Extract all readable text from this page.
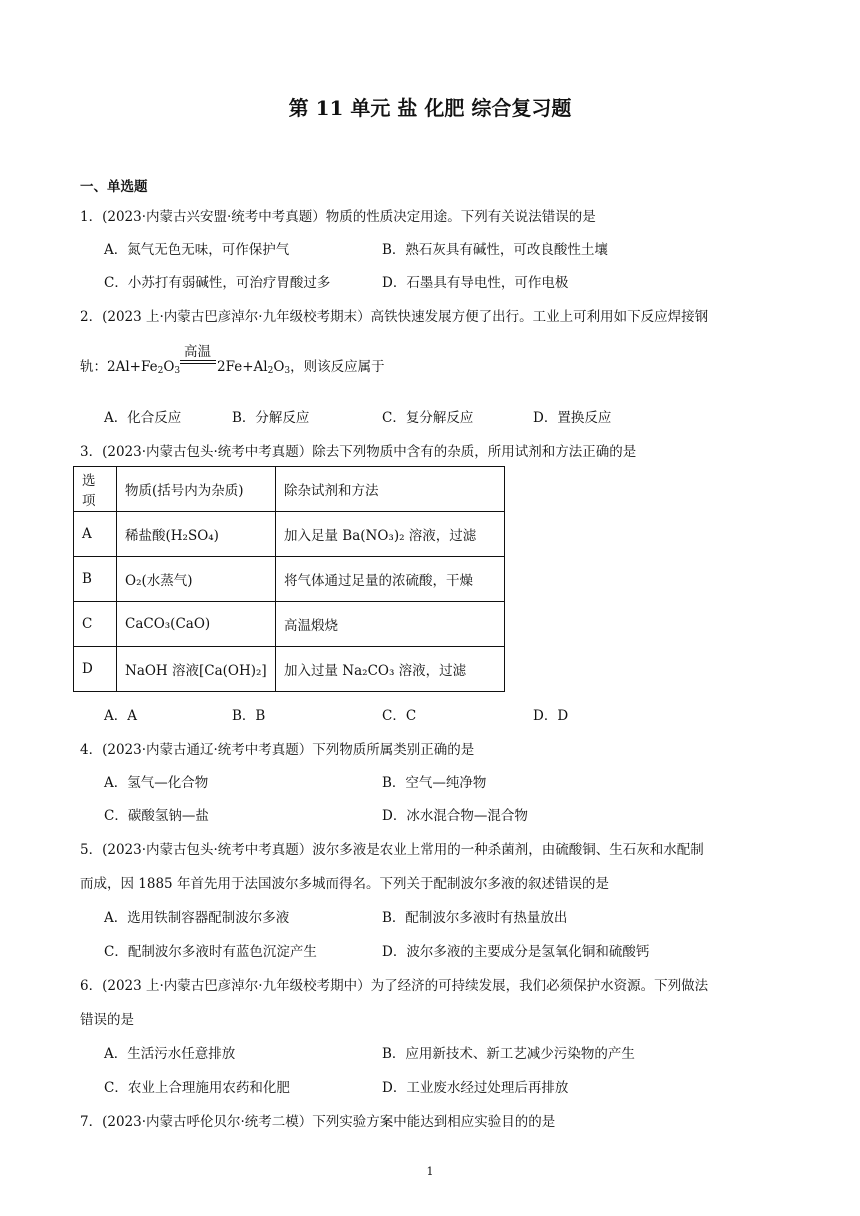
第 11 单元 盐 化肥 综合复习题
一、单选题
1．(2023·内蒙古兴安盟·统考中考真题）物质的性质决定用途。下列有关说法错误的是
A．氮气无色无味，可作保护气	B．熟石灰具有碱性，可改良酸性土壤
C．小苏打有弱碱性，可治疗胃酸过多	D．石墨具有导电性，可作电极
2．(2023 上·内蒙古巴彦淖尔·九年级校考期末）高铁快速发展方便了出行。工业上可利用如下反应焊接钢
轨：$2Al+Fe_2O_3$
高温
$2Fe+Al_2O_3$，则该反应属于
A．化合反应	B．分解反应	C．复分解反应	D．置换反应
3．(2023·内蒙古包头·统考中考真题）除去下列物质中含有的杂质，所用试剂和方法正确的是
选项	物质(括号内为杂质)	除杂试剂和方法
A	稀盐酸(H₂SO₄)	加入足量 Ba(NO₃)₂ 溶液，过滤
B	O₂(水蒸气)	将气体通过足量的浓硫酸，干燥
C	CaCO₃(CaO)	高温煅烧
D	NaOH 溶液[Ca(OH)₂]	加入过量 Na₂CO₃ 溶液，过滤
A．A	B．B	C．C	D．D
4．(2023·内蒙古通辽·统考中考真题）下列物质所属类别正确的是
A．氢气—化合物	B．空气—纯净物
C．碳酸氢钠—盐	D．冰水混合物—混合物
5．(2023·内蒙古包头·统考中考真题）波尔多液是农业上常用的一种杀菌剂，由硫酸铜、生石灰和水配制
而成，因 1885 年首先用于法国波尔多城而得名。下列关于配制波尔多液的叙述错误的是
A．选用铁制容器配制波尔多液	B．配制波尔多液时有热量放出
C．配制波尔多液时有蓝色沉淀产生	D．波尔多液的主要成分是氢氧化铜和硫酸钙
6．(2023 上·内蒙古巴彦淖尔·九年级校考期中）为了经济的可持续发展，我们必须保护水资源。下列做法
错误的是
A．生活污水任意排放	B．应用新技术、新工艺减少污染物的产生
C．农业上合理施用农药和化肥	D．工业废水经过处理后再排放
7．(2023·内蒙古呼伦贝尔·统考二模）下列实验方案中能达到相应实验目的的是
1
